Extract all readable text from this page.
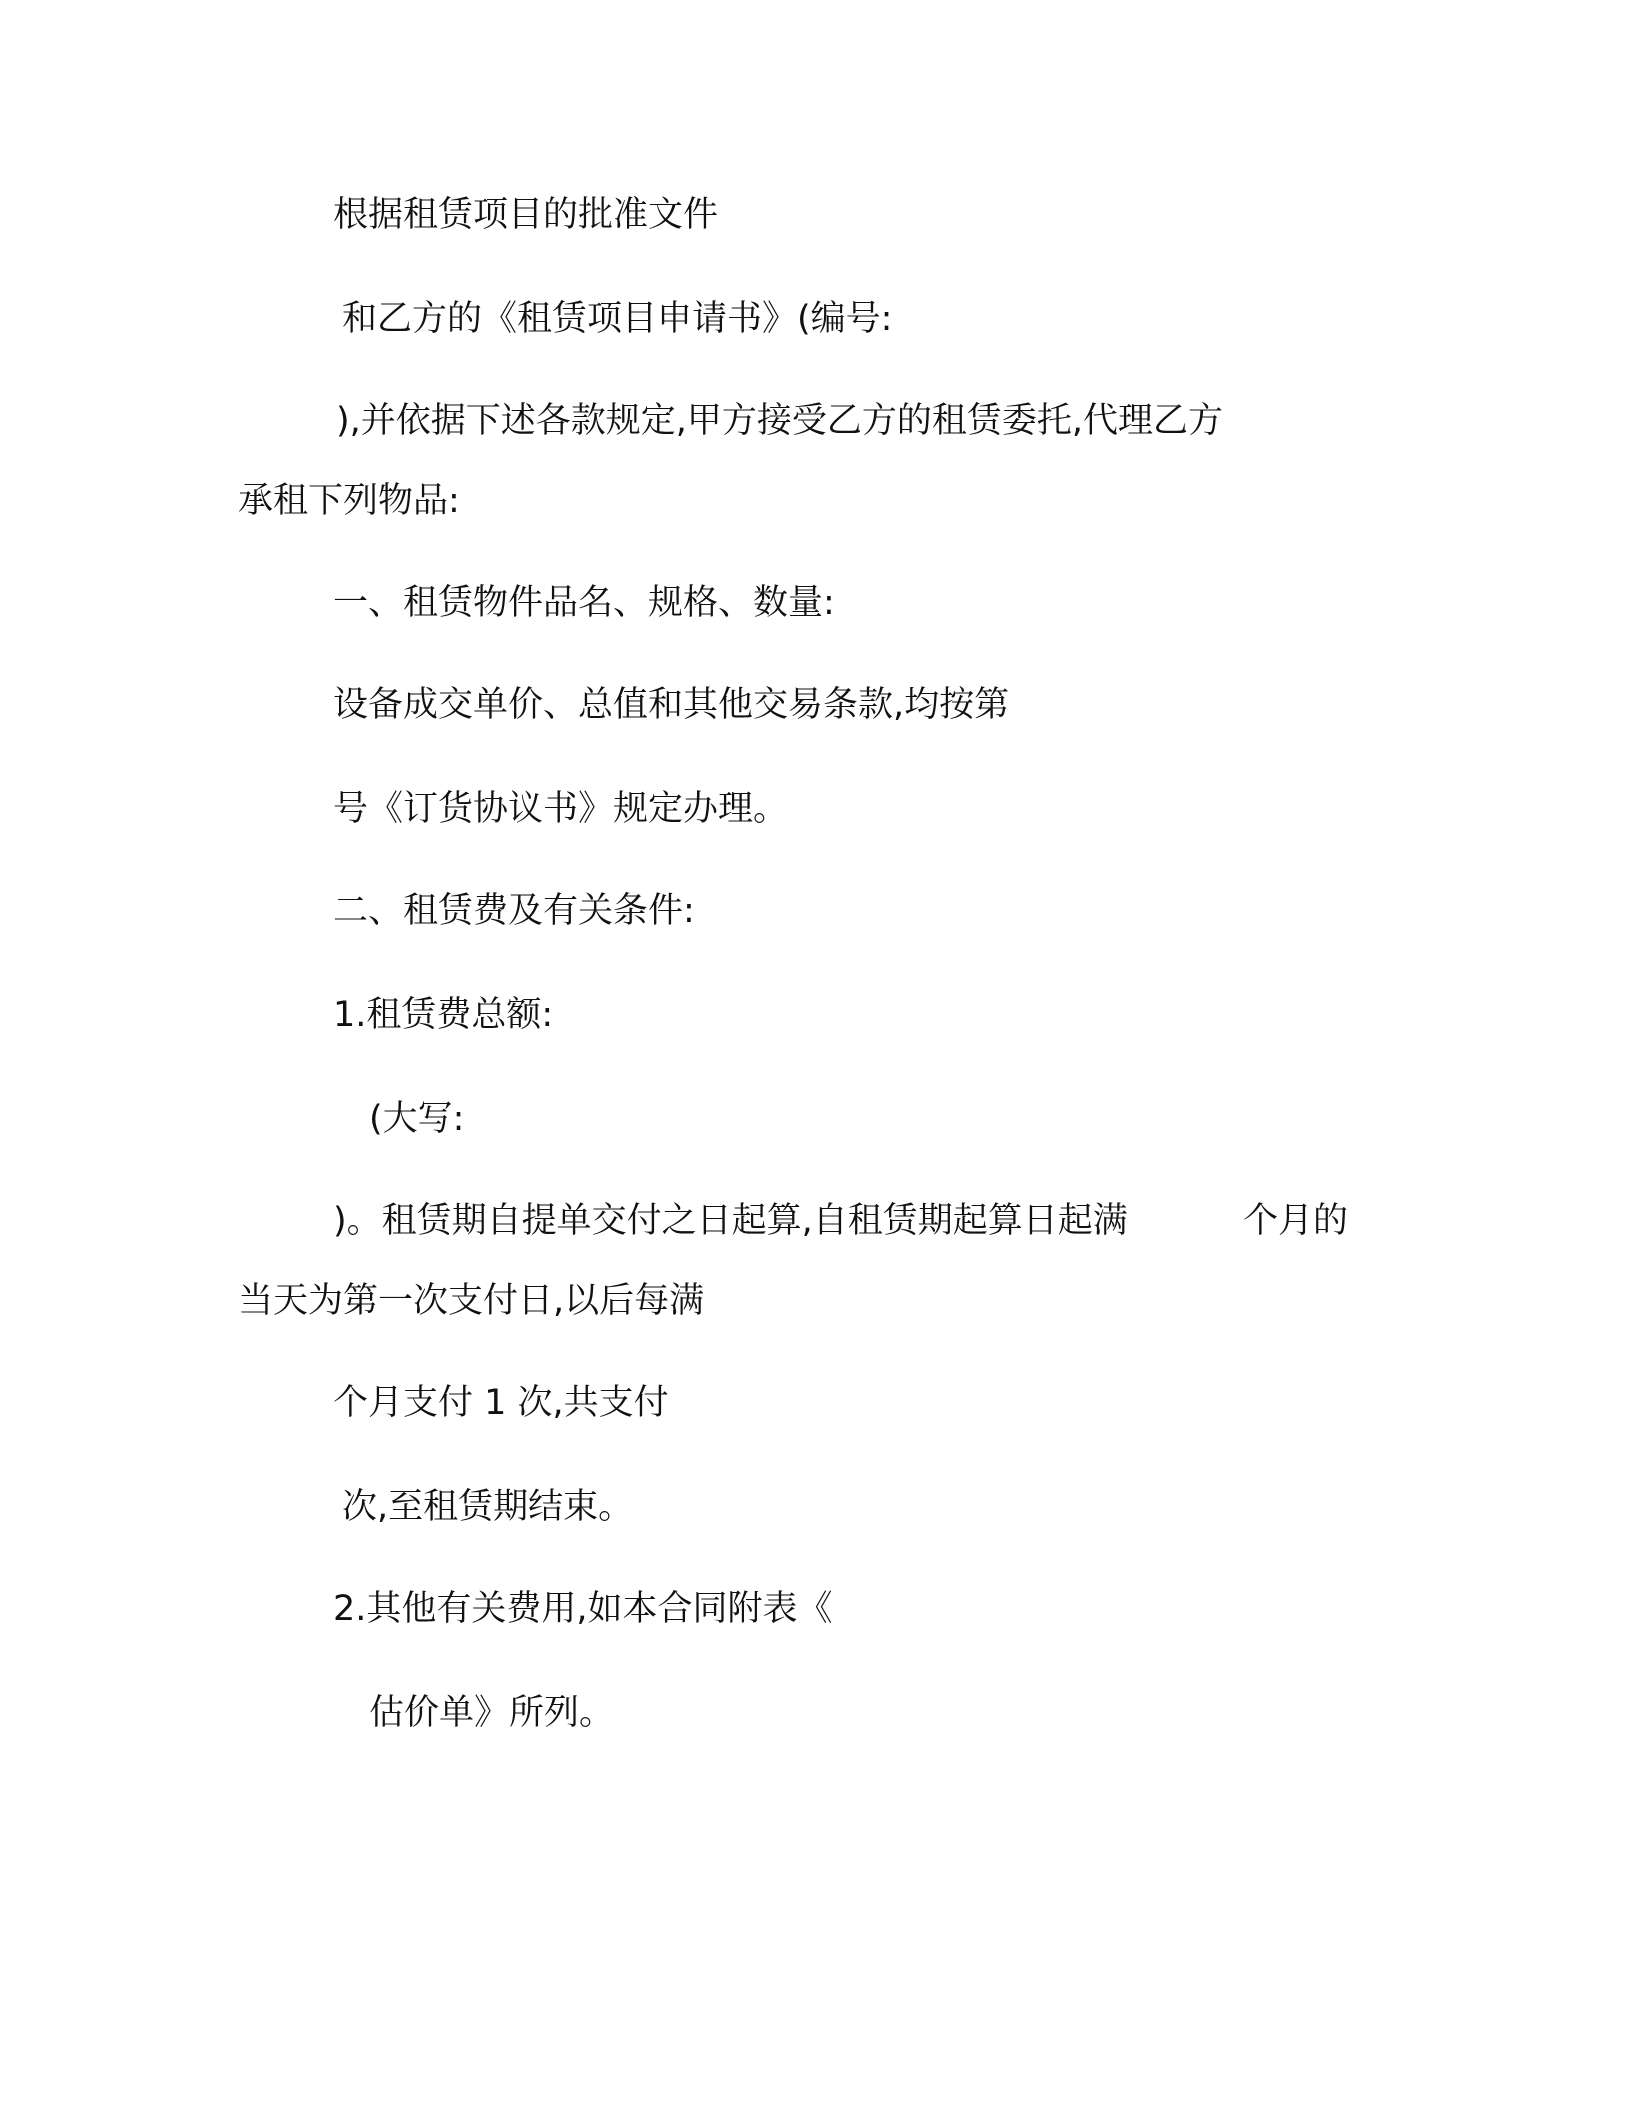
根据租赁项目的批准文件

和乙方的《租赁项目申请书》(编号:

),并依据下述各款规定,甲方接受乙方的租赁委托,代理乙方

承租下列物品:

一、租赁物件品名、规格、数量:

设备成交单价、总值和其他交易条款,均按第

号《订货协议书》规定办理。

二、租赁费及有关条件:

1.租赁费总额:

(大写:

)。租赁期自提单交付之日起算,自租赁期起算日起满	个月的

当天为第一次支付日,以后每满

个月支付 1 次,共支付

次,至租赁期结束。

2.其他有关费用,如本合同附表《

估价单》所列。
